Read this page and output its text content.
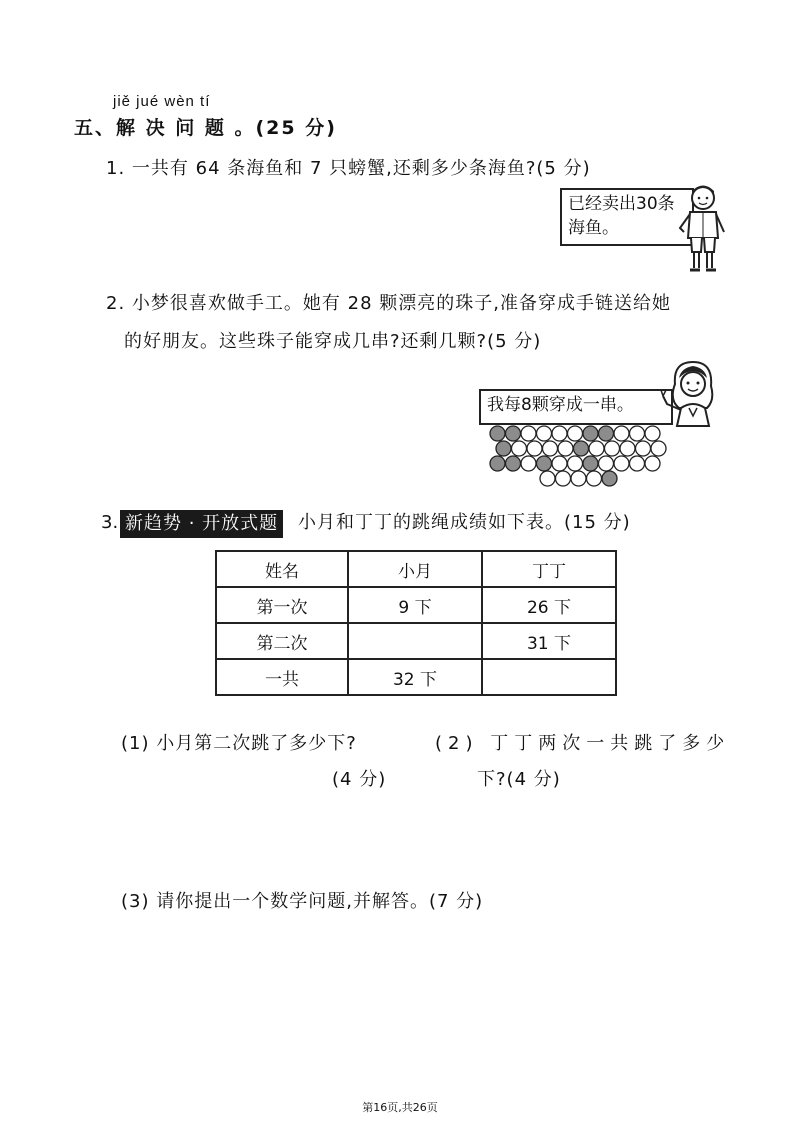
jiě jué wèn tí
五、解 决 问 题 。(25 分)
1. 一共有 64 条海鱼和 7 只螃蟹,还剩多少条海鱼?(5 分)
已经卖出30条
海鱼。
2. 小梦很喜欢做手工。她有 28 颗漂亮的珠子,准备穿成手链送给她
的好朋友。这些珠子能穿成几串?还剩几颗?(5 分)
我每8颗穿成一串。
3. 新趋势 · 开放式题 小月和丁丁的跳绳成绩如下表。(15 分)
姓名	小月	丁丁
第一次	9 下	26 下
第二次		31 下
一共	32 下	
(1) 小月第二次跳了多少下?
(4 分)
(2) 丁丁两次一共跳了多少
下?(4 分)
(3) 请你提出一个数学问题,并解答。(7 分)
第16页,共26页
